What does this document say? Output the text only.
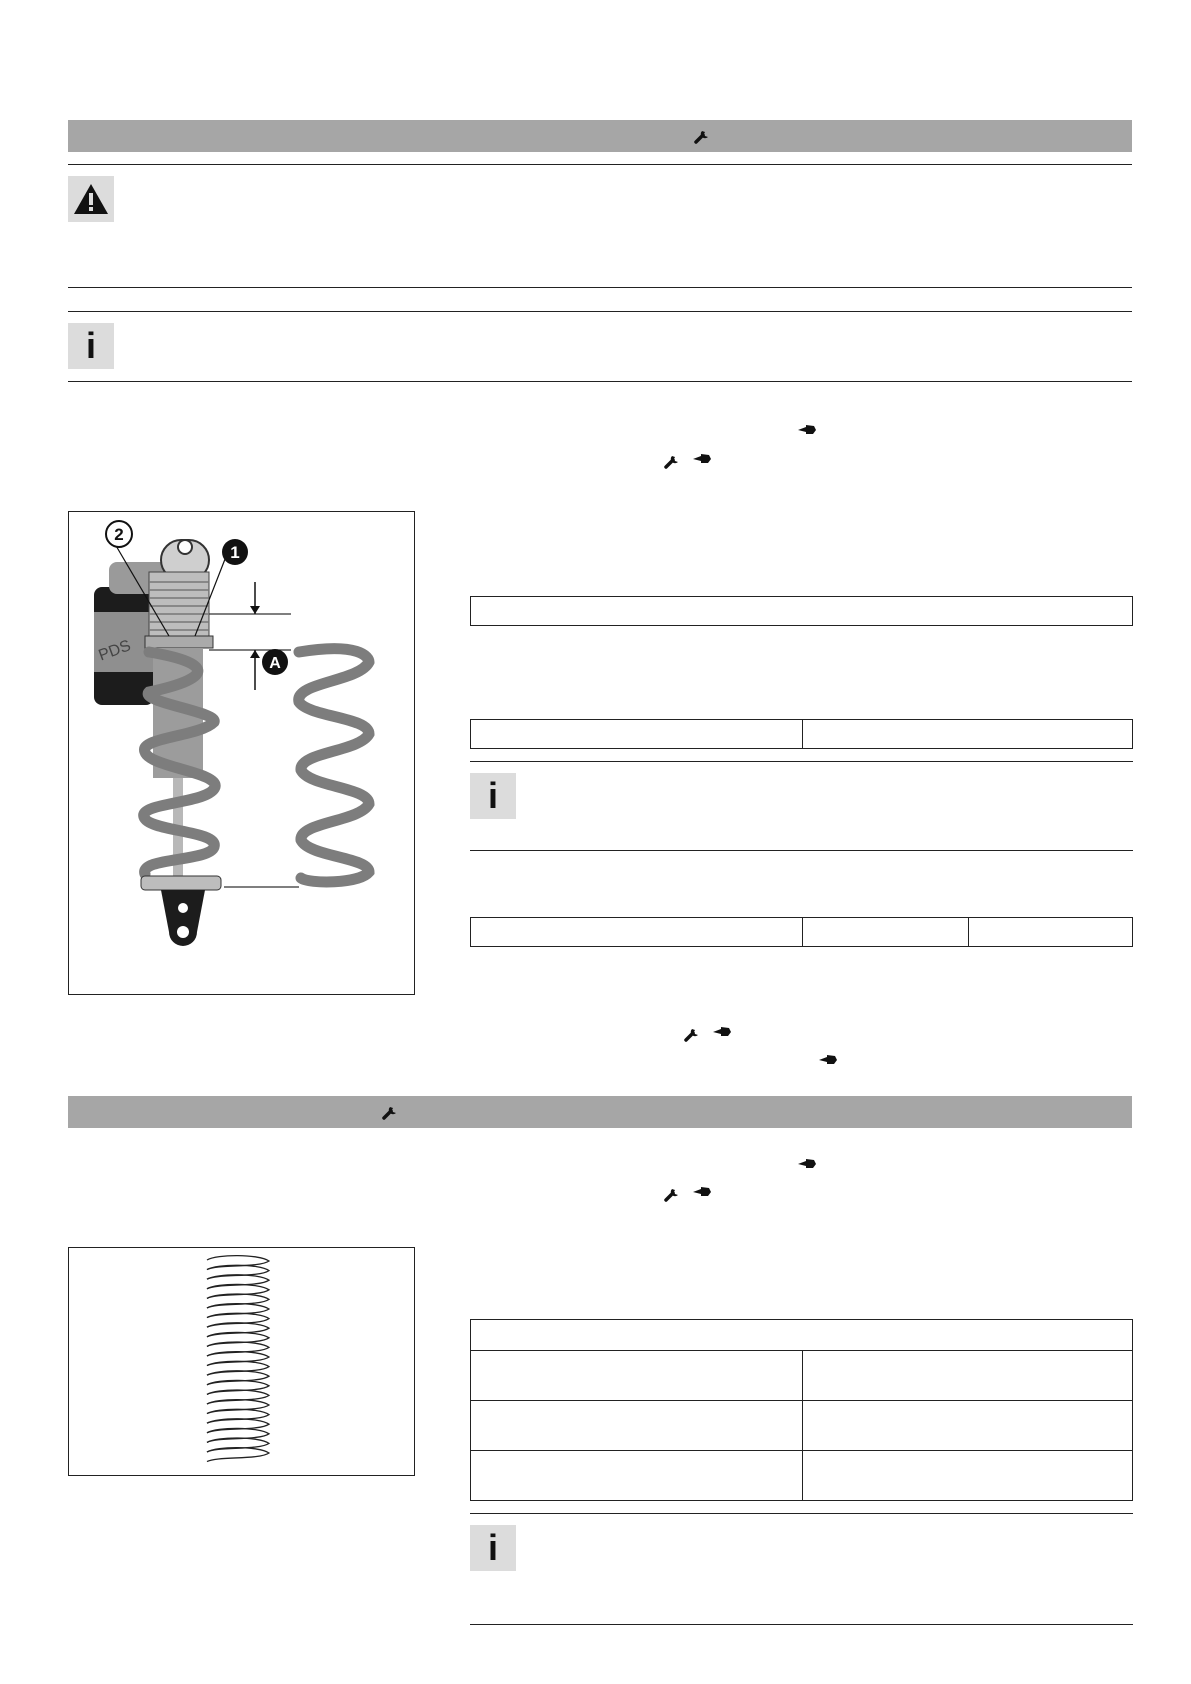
i
PDS
2
1
A
i
i
